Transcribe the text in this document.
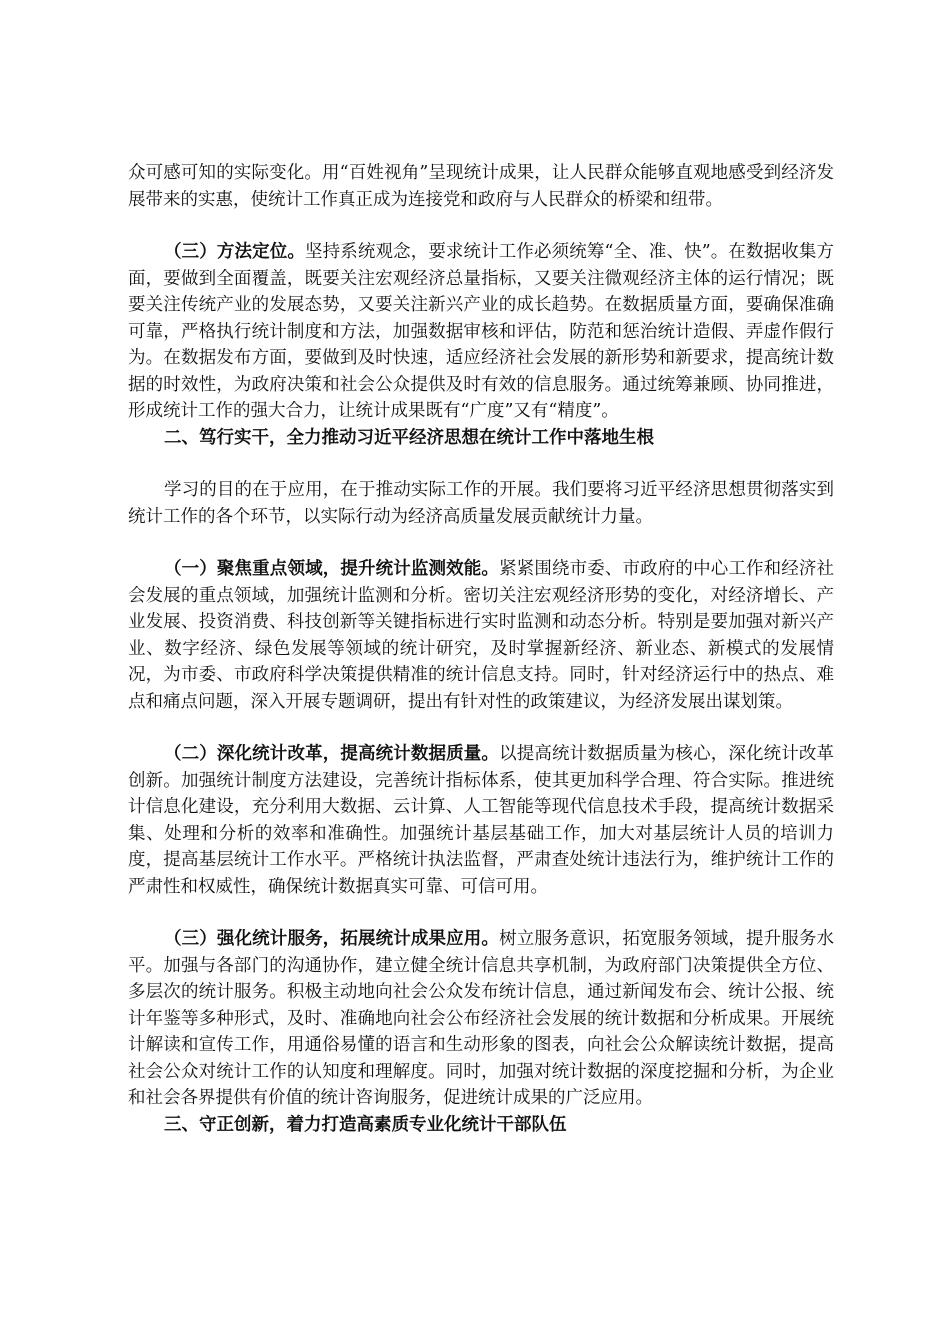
众可感可知的实际变化。用“百姓视角”呈现统计成果，让人民群众能够直观地感受到经济发展带来的实惠，使统计工作真正成为连接党和政府与人民群众的桥梁和纽带。

（三）方法定位。坚持系统观念，要求统计工作必须统筹“全、准、快”。在数据收集方面，要做到全面覆盖，既要关注宏观经济总量指标，又要关注微观经济主体的运行情况；既要关注传统产业的发展态势，又要关注新兴产业的成长趋势。在数据质量方面，要确保准确可靠，严格执行统计制度和方法，加强数据审核和评估，防范和惩治统计造假、弄虚作假行为。在数据发布方面，要做到及时快速，适应经济社会发展的新形势和新要求，提高统计数据的时效性，为政府决策和社会公众提供及时有效的信息服务。通过统筹兼顾、协同推进，形成统计工作的强大合力，让统计成果既有“广度”又有“精度”。

二、笃行实干，全力推动习近平经济思想在统计工作中落地生根

学习的目的在于应用，在于推动实际工作的开展。我们要将习近平经济思想贯彻落实到统计工作的各个环节，以实际行动为经济高质量发展贡献统计力量。

（一）聚焦重点领域，提升统计监测效能。紧紧围绕市委、市政府的中心工作和经济社会发展的重点领域，加强统计监测和分析。密切关注宏观经济形势的变化，对经济增长、产业发展、投资消费、科技创新等关键指标进行实时监测和动态分析。特别是要加强对新兴产业、数字经济、绿色发展等领域的统计研究，及时掌握新经济、新业态、新模式的发展情况，为市委、市政府科学决策提供精准的统计信息支持。同时，针对经济运行中的热点、难点和痛点问题，深入开展专题调研，提出有针对性的政策建议，为经济发展出谋划策。

（二）深化统计改革，提高统计数据质量。以提高统计数据质量为核心，深化统计改革创新。加强统计制度方法建设，完善统计指标体系，使其更加科学合理、符合实际。推进统计信息化建设，充分利用大数据、云计算、人工智能等现代信息技术手段，提高统计数据采集、处理和分析的效率和准确性。加强统计基层基础工作，加大对基层统计人员的培训力度，提高基层统计工作水平。严格统计执法监督，严肃查处统计违法行为，维护统计工作的严肃性和权威性，确保统计数据真实可靠、可信可用。

（三）强化统计服务，拓展统计成果应用。树立服务意识，拓宽服务领域，提升服务水平。加强与各部门的沟通协作，建立健全统计信息共享机制，为政府部门决策提供全方位、多层次的统计服务。积极主动地向社会公众发布统计信息，通过新闻发布会、统计公报、统计年鉴等多种形式，及时、准确地向社会公布经济社会发展的统计数据和分析成果。开展统计解读和宣传工作，用通俗易懂的语言和生动形象的图表，向社会公众解读统计数据，提高社会公众对统计工作的认知度和理解度。同时，加强对统计数据的深度挖掘和分析，为企业和社会各界提供有价值的统计咨询服务，促进统计成果的广泛应用。

三、守正创新，着力打造高素质专业化统计干部队伍
